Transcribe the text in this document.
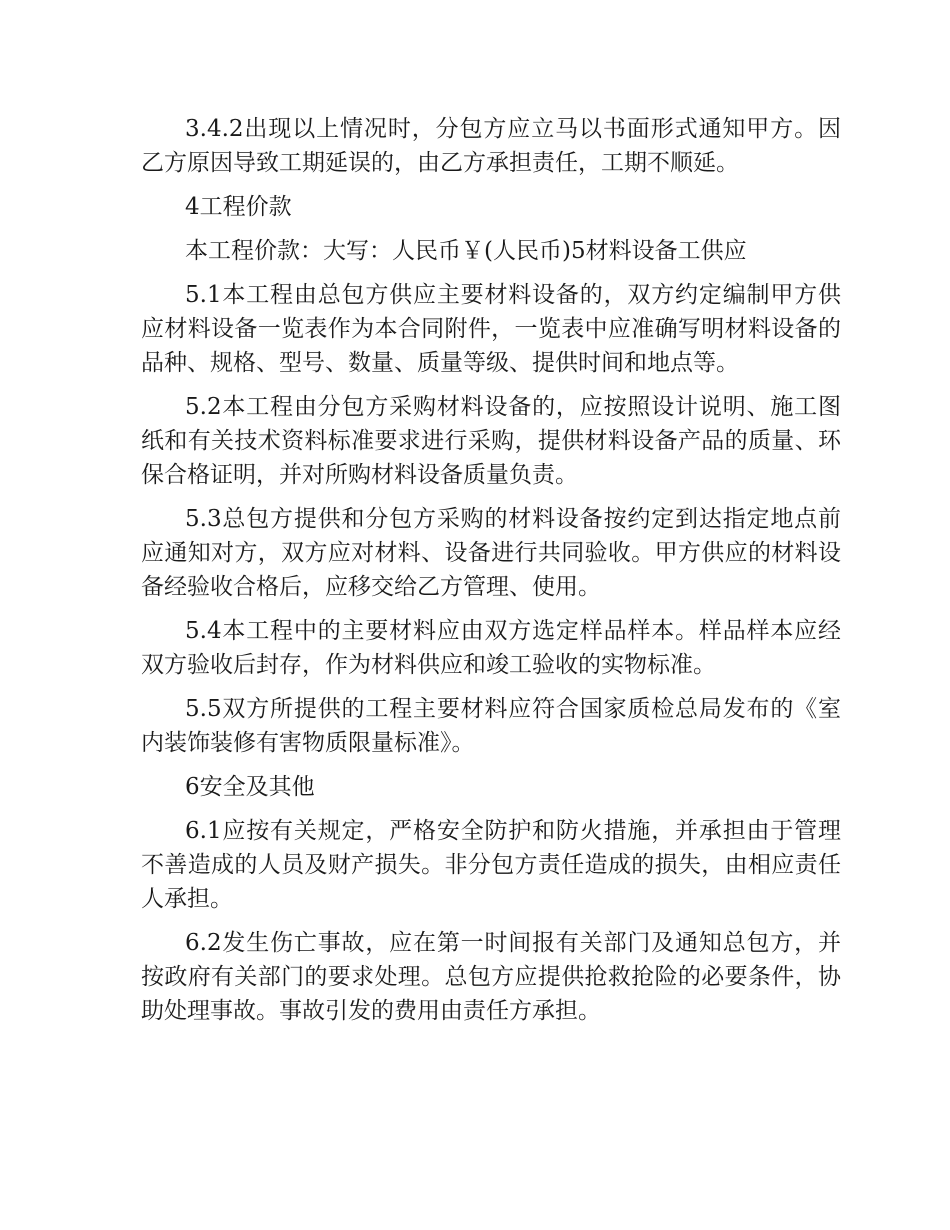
3.4.2出现以上情况时，分包方应立马以书面形式通知甲方。因乙方原因导致工期延误的，由乙方承担责任，工期不顺延。

4工程价款

本工程价款：大写：人民币￥(人民币)5材料设备工供应

5.1本工程由总包方供应主要材料设备的，双方约定编制甲方供应材料设备一览表作为本合同附件，一览表中应准确写明材料设备的品种、规格、型号、数量、质量等级、提供时间和地点等。

5.2本工程由分包方采购材料设备的，应按照设计说明、施工图纸和有关技术资料标准要求进行采购，提供材料设备产品的质量、环保合格证明，并对所购材料设备质量负责。

5.3总包方提供和分包方采购的材料设备按约定到达指定地点前应通知对方，双方应对材料、设备进行共同验收。甲方供应的材料设备经验收合格后，应移交给乙方管理、使用。

5.4本工程中的主要材料应由双方选定样品样本。样品样本应经双方验收后封存，作为材料供应和竣工验收的实物标准。

5.5双方所提供的工程主要材料应符合国家质检总局发布的《室内装饰装修有害物质限量标准》。

6安全及其他

6.1应按有关规定，严格安全防护和防火措施，并承担由于管理不善造成的人员及财产损失。非分包方责任造成的损失，由相应责任人承担。

6.2发生伤亡事故，应在第一时间报有关部门及通知总包方，并按政府有关部门的要求处理。总包方应提供抢救抢险的必要条件，协助处理事故。事故引发的费用由责任方承担。
